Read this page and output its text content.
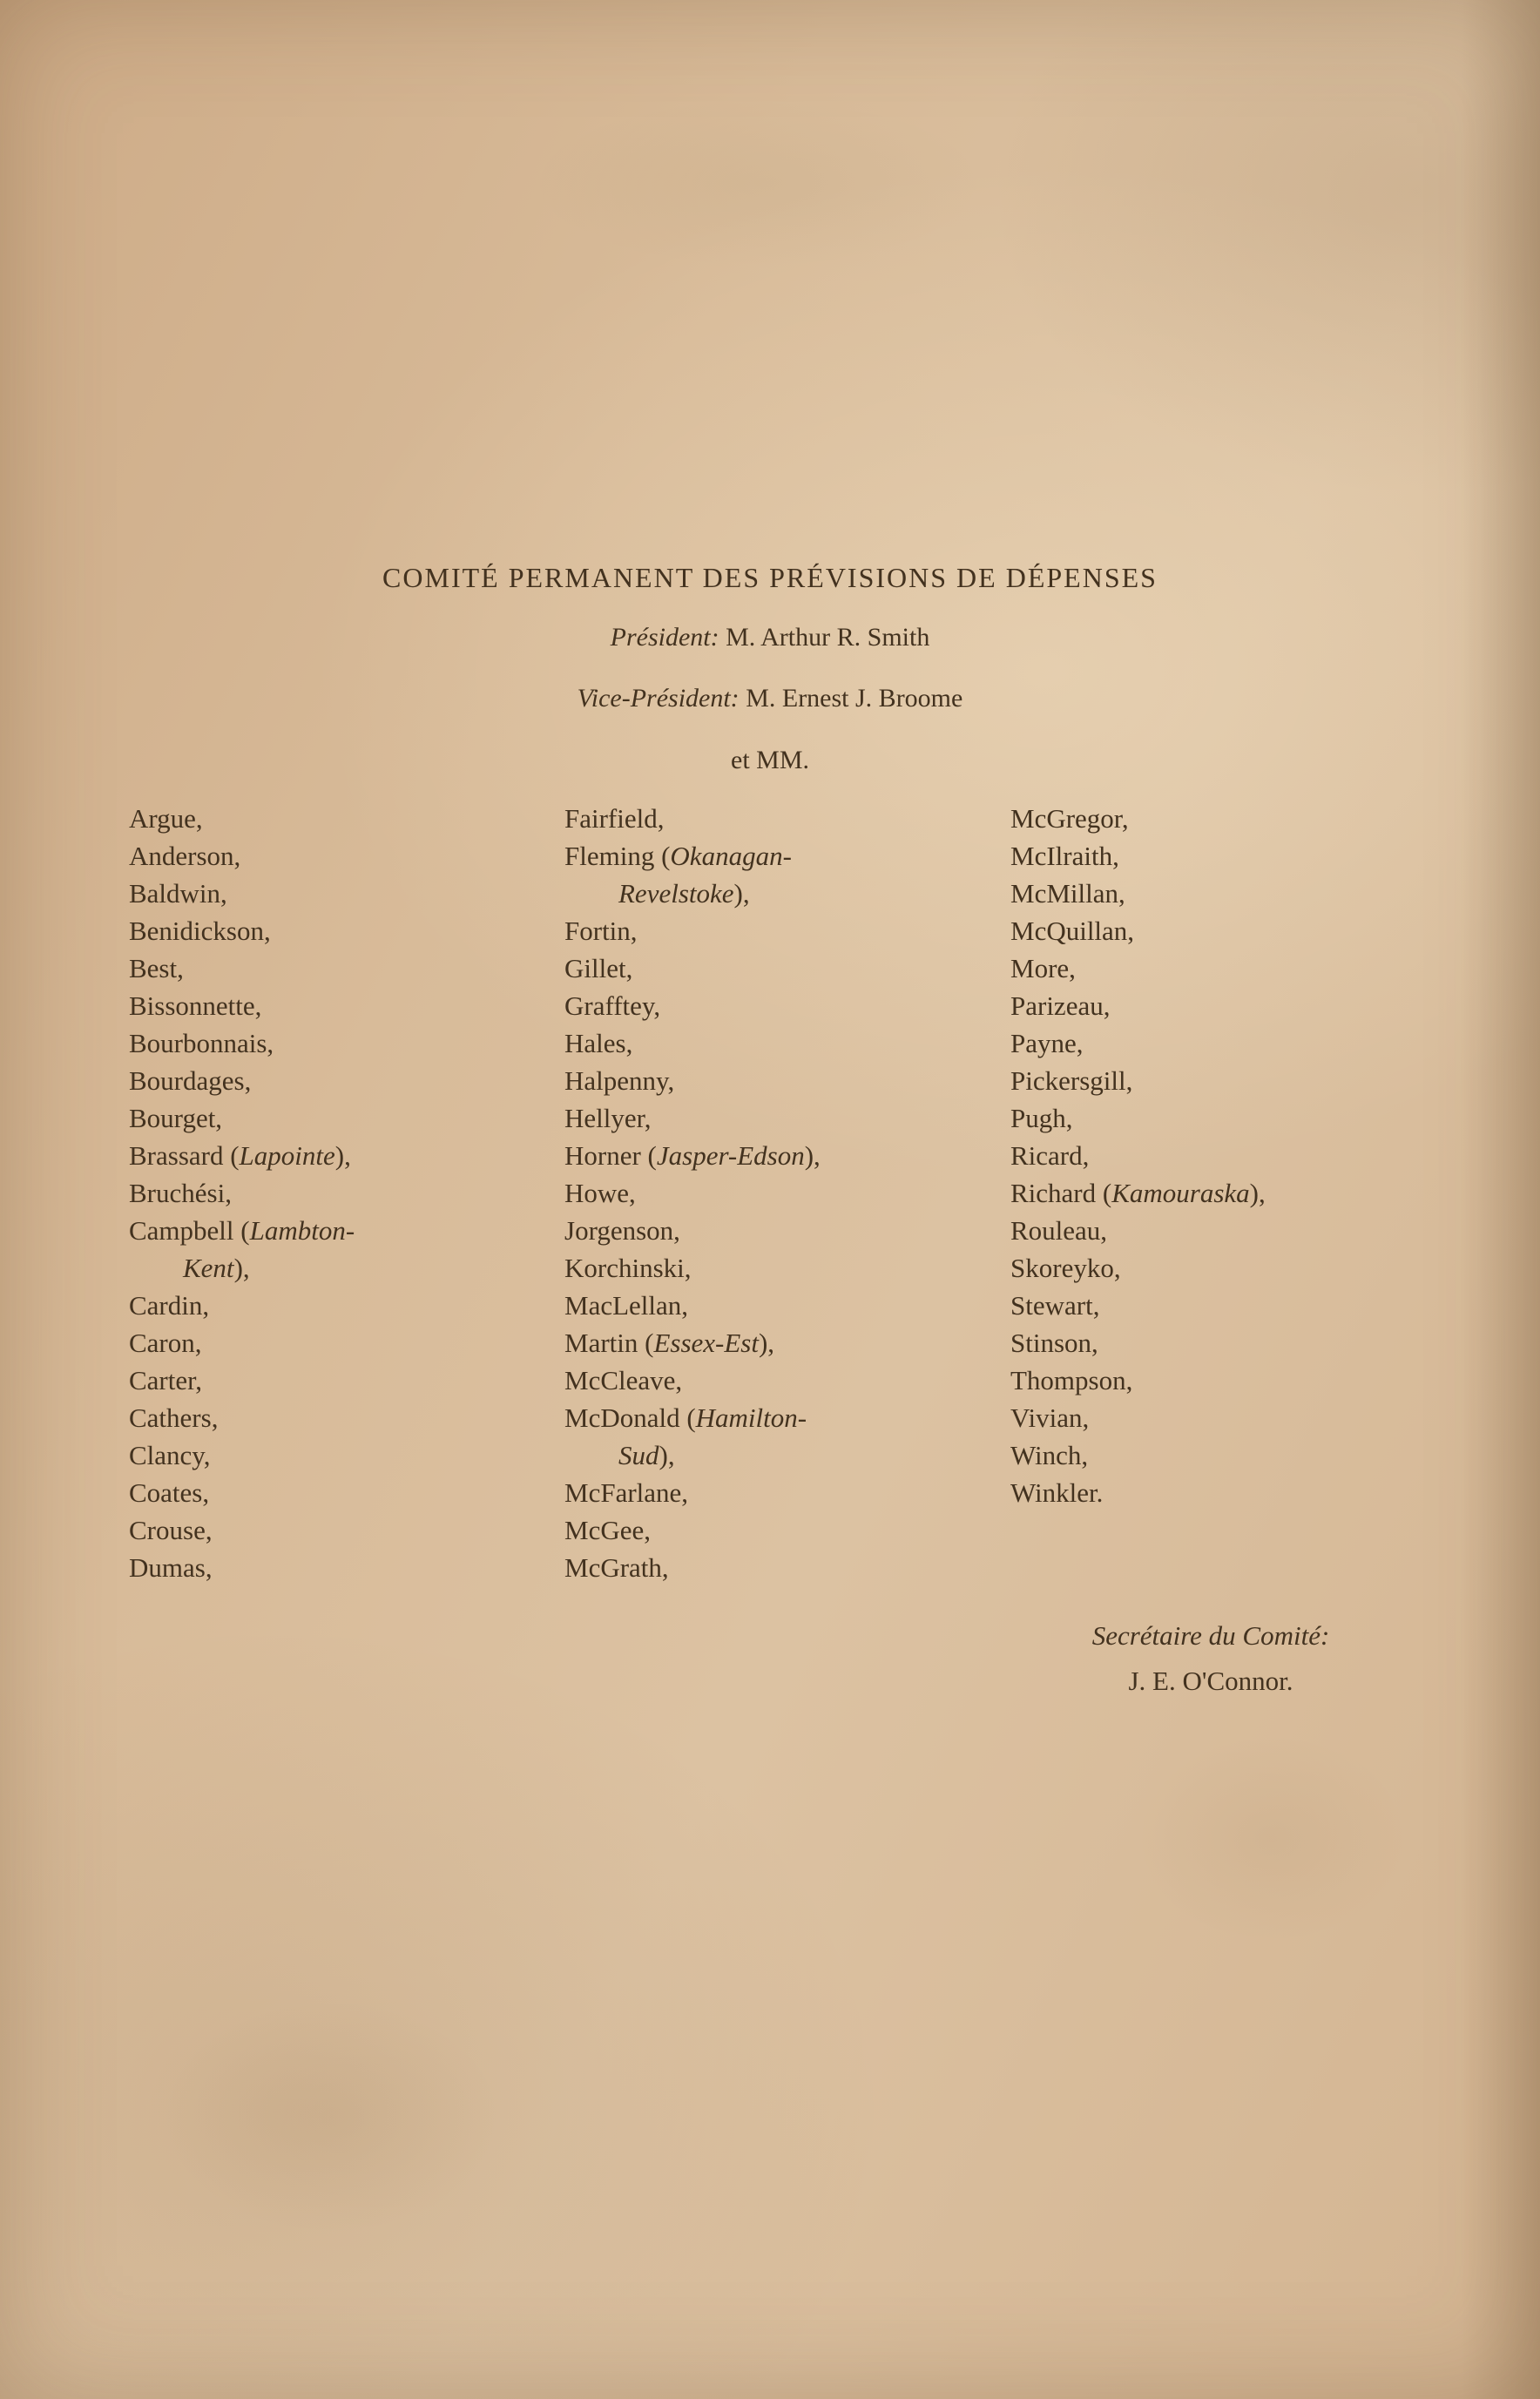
COMITÉ PERMANENT DES PRÉVISIONS DE DÉPENSES
Président: M. Arthur R. Smith
Vice-Président: M. Ernest J. Broome
et MM.
Argue,
Anderson,
Baldwin,
Benidickson,
Best,
Bissonnette,
Bourbonnais,
Bourdages,
Bourget,
Brassard (Lapointe),
Bruchési,
Campbell (Lambton-
Kent),
Cardin,
Caron,
Carter,
Cathers,
Clancy,
Coates,
Crouse,
Dumas,
Fairfield,
Fleming (Okanagan-
Revelstoke),
Fortin,
Gillet,
Grafftey,
Hales,
Halpenny,
Hellyer,
Horner (Jasper-Edson),
Howe,
Jorgenson,
Korchinski,
MacLellan,
Martin (Essex-Est),
McCleave,
McDonald (Hamilton-
Sud),
McFarlane,
McGee,
McGrath,
McGregor,
McIlraith,
McMillan,
McQuillan,
More,
Parizeau,
Payne,
Pickersgill,
Pugh,
Ricard,
Richard (Kamouraska),
Rouleau,
Skoreyko,
Stewart,
Stinson,
Thompson,
Vivian,
Winch,
Winkler.
Secrétaire du Comité:
J. E. O'Connor.
